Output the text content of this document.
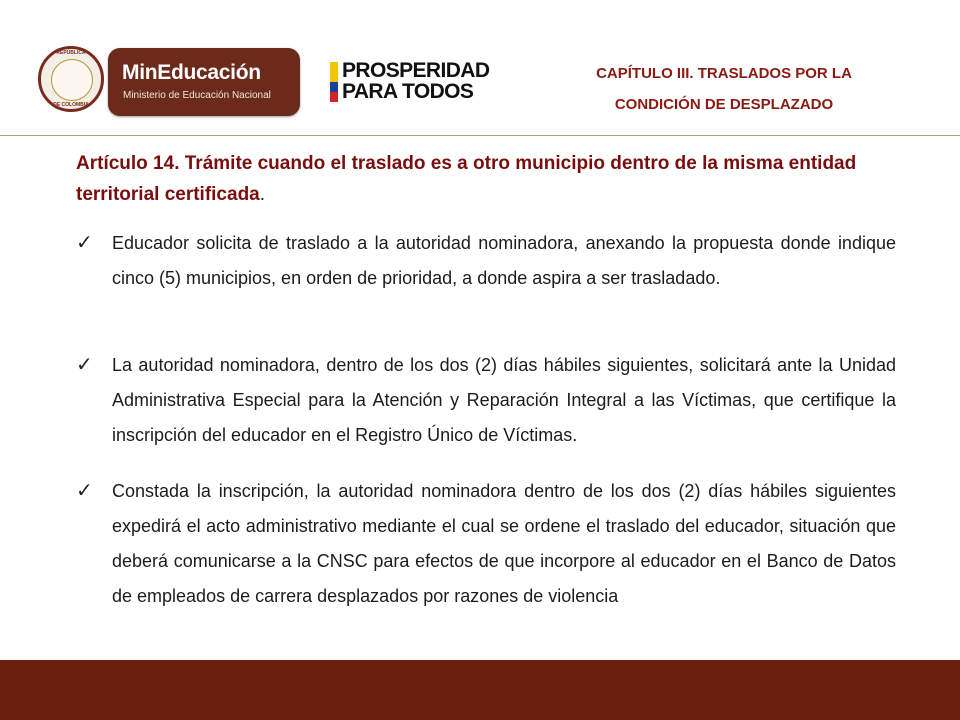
REPÚBLICA
DE COLOMBIA
MinEducación
Ministerio de Educación Nacional
PROSPERIDAD
PARA TODOS
CAPÍTULO III. TRASLADOS POR LA
CONDICIÓN DE DESPLAZADO
Artículo 14. Trámite cuando el traslado es a otro municipio dentro de la misma entidad territorial certificada.
✓	Educador solicita de traslado a la autoridad nominadora, anexando la propuesta donde indique cinco (5) municipios, en orden de prioridad, a donde aspira a ser trasladado.
✓	La autoridad nominadora, dentro de los dos (2) días hábiles siguientes, solicitará ante la Unidad Administrativa Especial para la Atención y Reparación Integral a las Víctimas, que certifique la inscripción del educador en el Registro Único de Víctimas.
✓	Constada la inscripción, la autoridad nominadora dentro de los dos (2) días hábiles siguientes expedirá el acto administrativo mediante el cual se ordene el traslado del educador, situación que deberá comunicarse a la CNSC para efectos de que incorpore al educador en el Banco de Datos de empleados de carrera desplazados por razones de violencia
